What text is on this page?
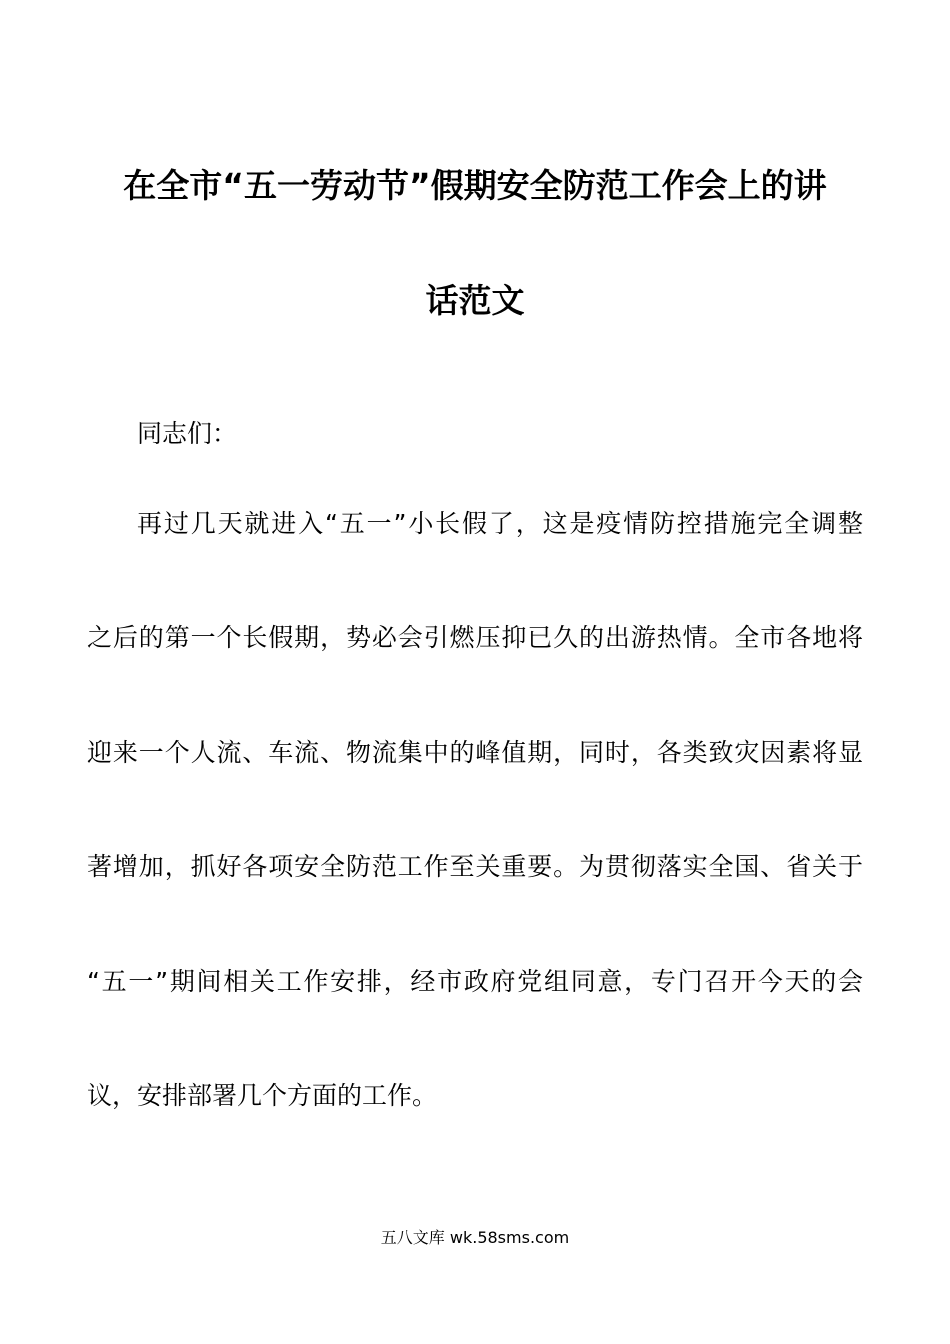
在全市“五一劳动节”假期安全防范工作会上的讲
话范文
同志们：
再过几天就进入“五一”小长假了，这是疫情防控措施完全调整
之后的第一个长假期，势必会引燃压抑已久的出游热情。全市各地将
迎来一个人流、车流、物流集中的峰值期，同时，各类致灾因素将显
著增加，抓好各项安全防范工作至关重要。为贯彻落实全国、省关于
“五一”期间相关工作安排，经市政府党组同意，专门召开今天的会
议，安排部署几个方面的工作。
五八文库 wk.58sms.com
